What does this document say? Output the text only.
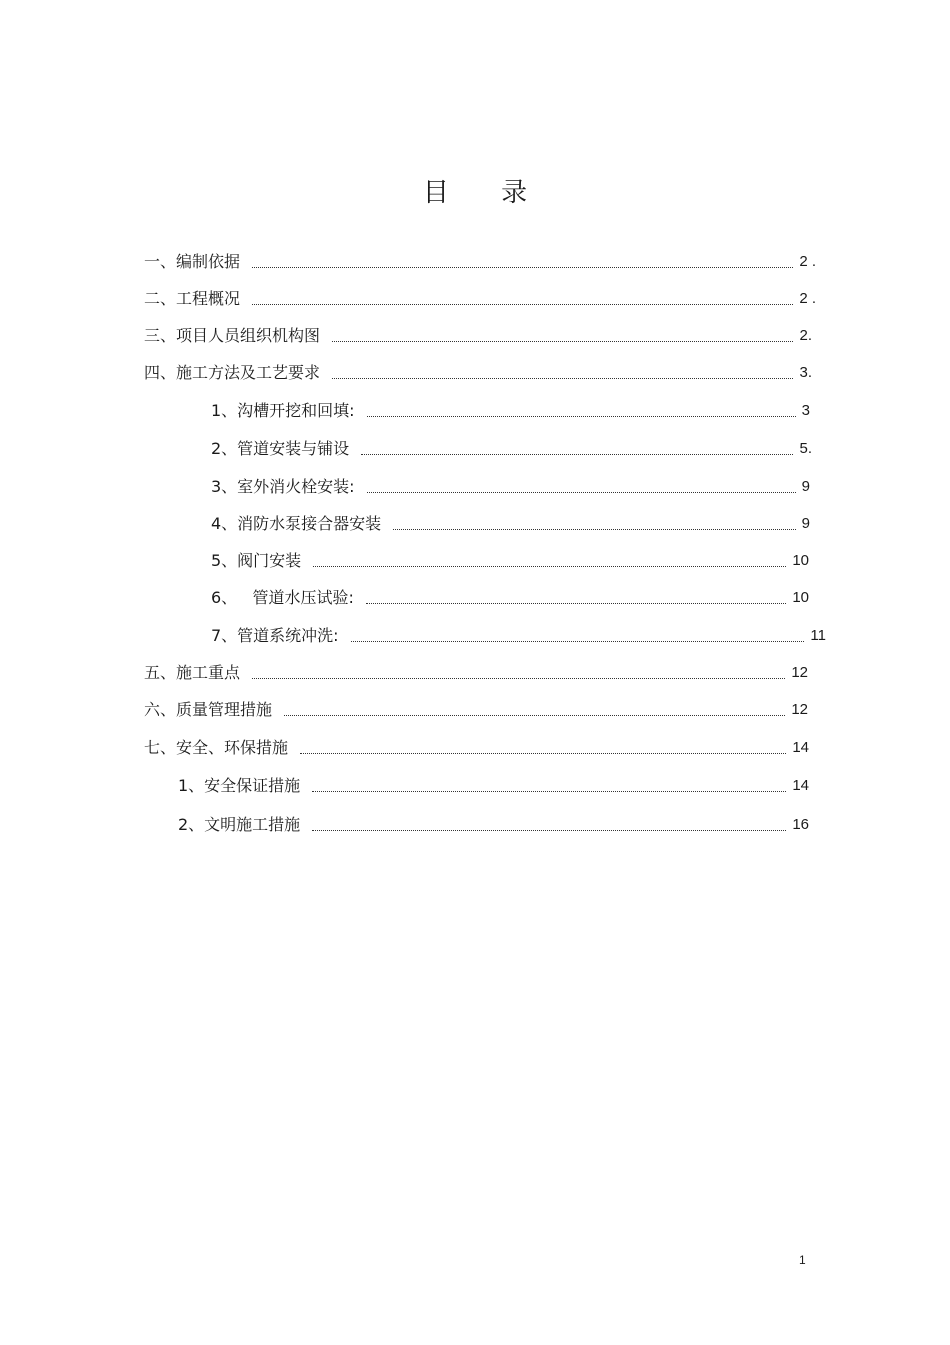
目 录
一、编制依据	2 .
二、工程概况	2 .
三、项目人员组织机构图	2.
四、施工方法及工艺要求	3.
1、沟槽开挖和回填:	3
2、管道安装与铺设	5.
3、室外消火栓安装:	9
4、消防水泵接合器安装	9
5、阀门安装	10
6、   管道水压试验:	10
7、管道系统冲洗:	11
五、施工重点	12
六、质量管理措施	12
七、安全、环保措施	14
1、安全保证措施	14
2、文明施工措施	16
1
